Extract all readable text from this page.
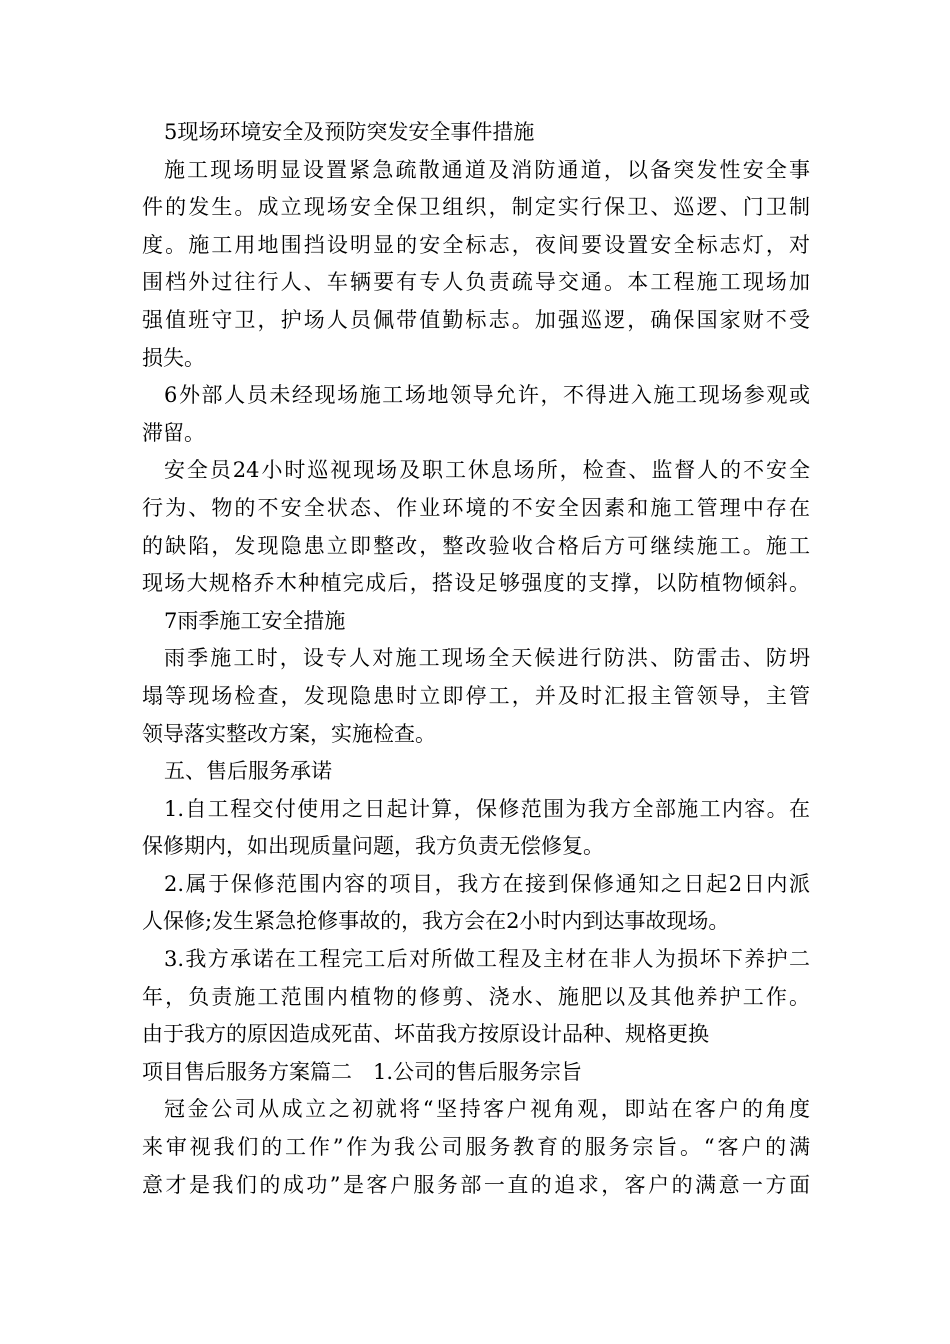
5现场环境安全及预防突发安全事件措施
施工现场明显设置紧急疏散通道及消防通道，以备突发性安全事
件的发生。成立现场安全保卫组织，制定实行保卫、巡逻、门卫制
度。施工用地围挡设明显的安全标志，夜间要设置安全标志灯，对
围档外过往行人、车辆要有专人负责疏导交通。本工程施工现场加
强值班守卫，护场人员佩带值勤标志。加强巡逻，确保国家财不受
损失。
6外部人员未经现场施工场地领导允许，不得进入施工现场参观或
滞留。
安全员24小时巡视现场及职工休息场所，检查、监督人的不安全
行为、物的不安全状态、作业环境的不安全因素和施工管理中存在
的缺陷，发现隐患立即整改，整改验收合格后方可继续施工。施工
现场大规格乔木种植完成后，搭设足够强度的支撑，以防植物倾斜。
7雨季施工安全措施
雨季施工时，设专人对施工现场全天候进行防洪、防雷击、防坍
塌等现场检查，发现隐患时立即停工，并及时汇报主管领导，主管
领导落实整改方案，实施检查。
五、售后服务承诺
1.自工程交付使用之日起计算，保修范围为我方全部施工内容。在
保修期内，如出现质量问题，我方负责无偿修复。
2.属于保修范围内容的项目，我方在接到保修通知之日起2日内派
人保修;发生紧急抢修事故的，我方会在2小时内到达事故现场。
3.我方承诺在工程完工后对所做工程及主材在非人为损坏下养护二
年，负责施工范围内植物的修剪、浇水、施肥以及其他养护工作。
由于我方的原因造成死苗、坏苗我方按原设计品种、规格更换
项目售后服务方案篇二　1.公司的售后服务宗旨
冠金公司从成立之初就将“坚持客户视角观，即站在客户的角度
来审视我们的工作”作为我公司服务教育的服务宗旨。“客户的满
意才是我们的成功”是客户服务部一直的追求，客户的满意一方面
